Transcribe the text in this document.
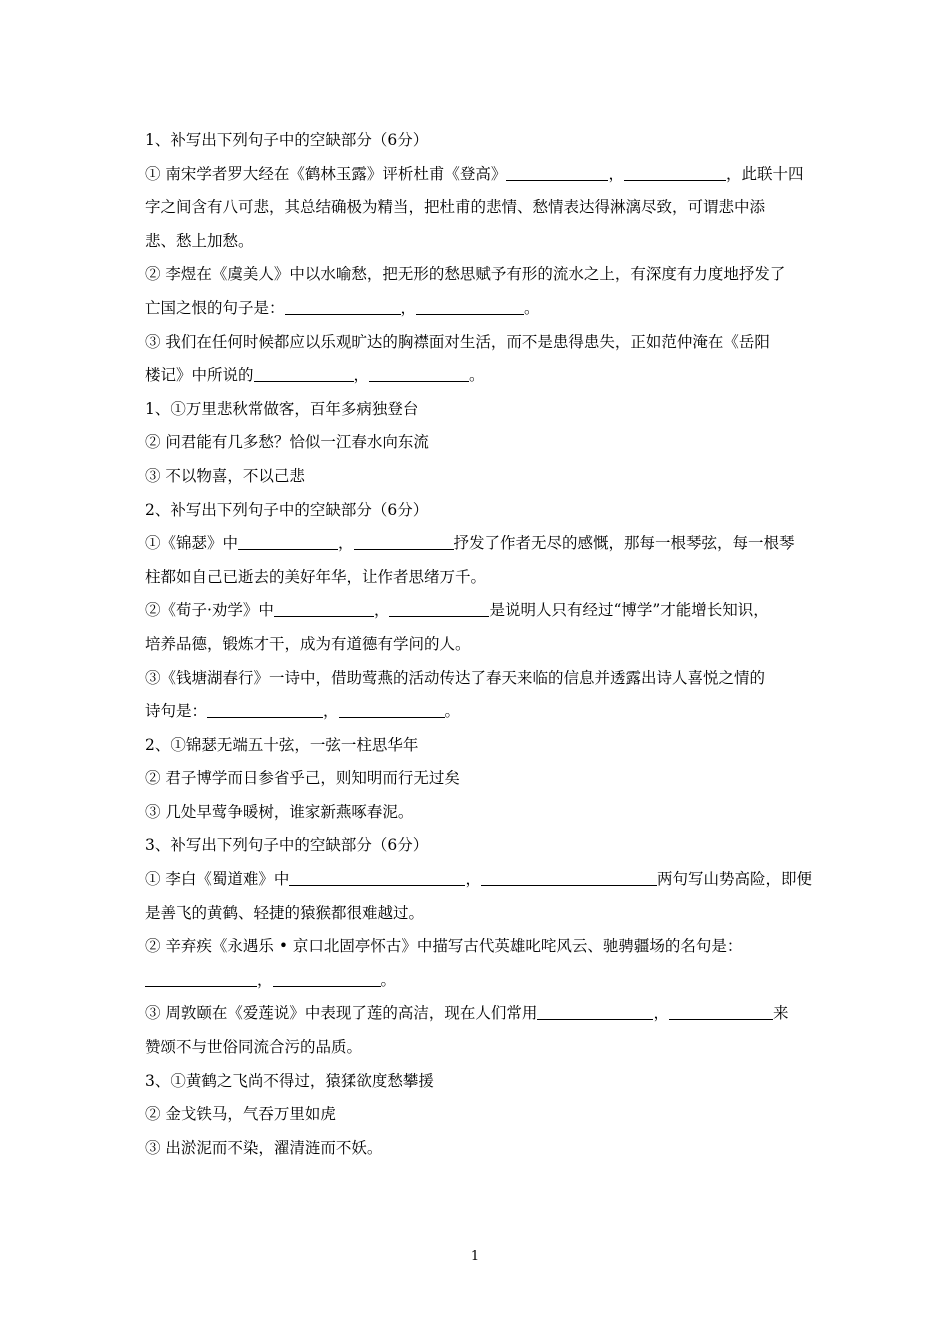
1、补写出下列句子中的空缺部分（6分）
① 南宋学者罗大经在《鹤林玉露》评析杜甫《登高》	，	，此联十四
字之间含有八可悲，其总结确极为精当，把杜甫的悲情、愁情表达得淋漓尽致，可谓悲中添
悲、愁上加愁。
② 李煜在《虞美人》中以水喻愁，把无形的愁思赋予有形的流水之上，有深度有力度地抒发了
亡国之恨的句子是：	，	。
③ 我们在任何时候都应以乐观旷达的胸襟面对生活，而不是患得患失，正如范仲淹在《岳阳
楼记》中所说的	，	。
1、①万里悲秋常做客，百年多病独登台
② 问君能有几多愁？恰似一江春水向东流
③ 不以物喜，不以己悲
2、补写出下列句子中的空缺部分（6分）
①《锦瑟》中	，	抒发了作者无尽的感慨，那每一根琴弦，每一根琴
柱都如自己已逝去的美好年华，让作者思绪万千。
②《荀子·劝学》中	，	是说明人只有经过“博学”才能增长知识，
培养品德，锻炼才干，成为有道德有学问的人。
③《钱塘湖春行》一诗中，借助莺燕的活动传达了春天来临的信息并透露出诗人喜悦之情的
诗句是：	，	。
2、①锦瑟无端五十弦，一弦一柱思华年
② 君子博学而日参省乎己，则知明而行无过矣
③ 几处早莺争暖树，谁家新燕啄春泥。
3、补写出下列句子中的空缺部分（6分）
① 李白《蜀道难》中	，	两句写山势高险，即便
是善飞的黄鹤、轻捷的猿猴都很难越过。
② 辛弃疾《永遇乐 • 京口北固亭怀古》中描写古代英雄叱咤风云、驰骋疆场的名句是：
，	。
③ 周敦颐在《爱莲说》中表现了莲的高洁，现在人们常用	，	来
赞颂不与世俗同流合污的品质。
3、①黄鹤之飞尚不得过，猿猱欲度愁攀援
② 金戈铁马，气吞万里如虎
③ 出淤泥而不染，濯清涟而不妖。
1
